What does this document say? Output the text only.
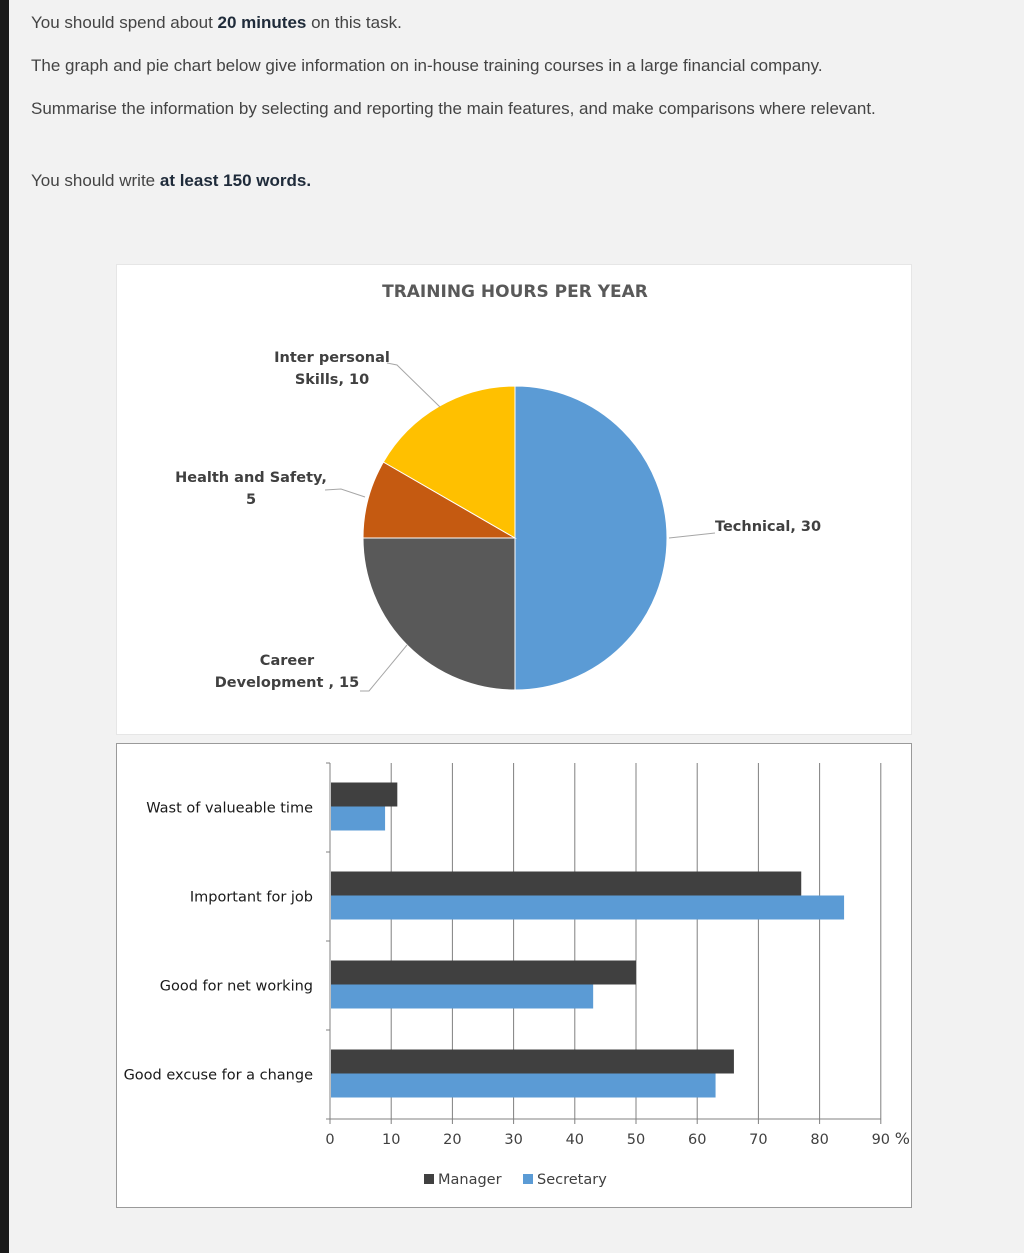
You should spend about 20 minutes on this task.

The graph and pie chart below give information on in-house training courses in a large financial company.

Summarise the information by selecting and reporting the main features, and make comparisons where relevant.

You should write at least 150 words.

TRAINING HOURS PER YEAR
Technical, 30
Career Development , 15
Health and Safety, 5
Inter personal Skills, 10
Wast of valueable time
Important for job
Good for net working
Good excuse for a change
0	10	20	30	40	50	60	70	80	90 %
Manager Secretary
